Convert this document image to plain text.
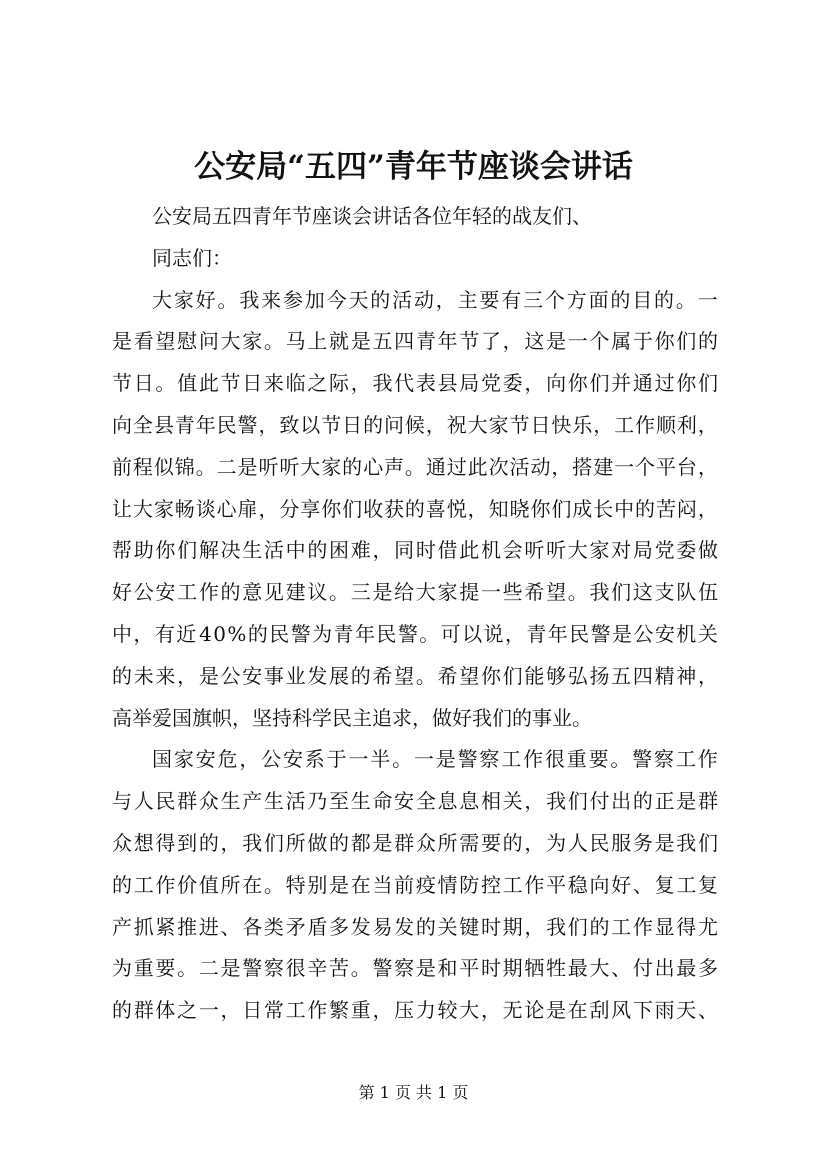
公安局“五四”青年节座谈会讲话
公安局五四青年节座谈会讲话各位年轻的战友们、
同志们：
大 家 好 。 我 来 参 加 今 天 的 活 动 ， 主 要 有 三 个 方 面 的 目 的 。 一
是 看 望 慰 问 大 家 。 马 上 就 是 五 四 青 年 节 了 ， 这 是 一 个 属 于 你 们 的
节 日 。 值 此 节 日 来 临 之 际 ， 我 代 表 县 局 党 委 ， 向 你 们 并 通 过 你 们
向 全 县 青 年 民 警 ， 致 以 节 日 的 问 候 ， 祝 大 家 节 日 快 乐 ， 工 作 顺 利 ，
前 程 似 锦 。 二 是 听 听 大 家 的 心 声 。 通 过 此 次 活 动 ， 搭 建 一 个 平 台 ，
让 大 家 畅 谈 心 扉 ， 分 享 你 们 收 获 的 喜 悦 ， 知 晓 你 们 成 长 中 的 苦 闷 ，
帮 助 你 们 解 决 生 活 中 的 困 难 ， 同 时 借 此 机 会 听 听 大 家 对 局 党 委 做
好 公 安 工 作 的 意 见 建 议 。 三 是 给 大 家 提 一 些 希 望 。 我 们 这 支 队 伍
中 ， 有 近 4 0 % 的 民 警 为 青 年 民 警 。 可 以 说 ， 青 年 民 警 是 公 安 机 关
的 未 来 ， 是 公 安 事 业 发 展 的 希 望 。 希 望 你 们 能 够 弘 扬 五 四 精 神 ，
高举爱国旗帜，坚持科学民主追求，做好我们的事业。
国 家 安 危 ， 公 安 系 于 一 半 。 一 是 警 察 工 作 很 重 要 。 警 察 工 作
与 人 民 群 众 生 产 生 活 乃 至 生 命 安 全 息 息 相 关 ， 我 们 付 出 的 正 是 群
众 想 得 到 的 ， 我 们 所 做 的 都 是 群 众 所 需 要 的 ， 为 人 民 服 务 是 我 们
的 工 作 价 值 所 在 。 特 别 是 在 当 前 疫 情 防 控 工 作 平 稳 向 好 、 复 工 复
产 抓 紧 推 进 、 各 类 矛 盾 多 发 易 发 的 关 键 时 期 ， 我 们 的 工 作 显 得 尤
为 重 要 。 二 是 警 察 很 辛 苦 。 警 察 是 和 平 时 期 牺 牲 最 大 、 付 出 最 多
的 群 体 之 一 ， 日 常 工 作 繁 重 ， 压 力 较 大 ， 无 论 是 在 刮 风 下 雨 天 、
第 1 页 共 1 页
